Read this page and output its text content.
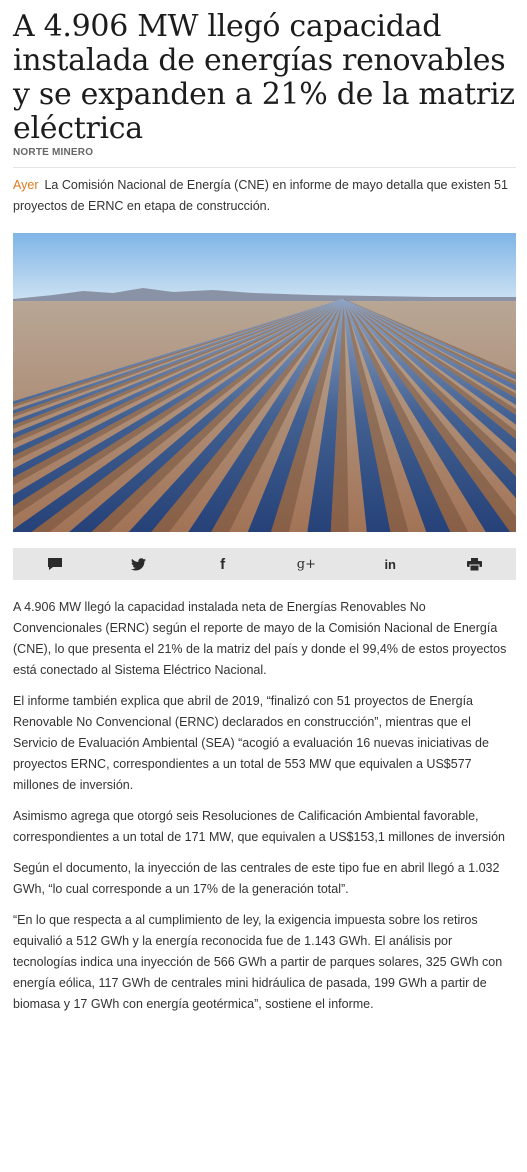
A 4.906 MW llegó capacidad instalada de energías renovables y se expanden a 21% de la matriz eléctrica
NORTE MINERO
Ayer La Comisión Nacional de Energía (CNE) en informe de mayo detalla que existen 51 proyectos de ERNC en etapa de construcción.
f	g+	in

A 4.906 MW llegó la capacidad instalada neta de Energías Renovables No Convencionales (ERNC) según el reporte de mayo de la Comisión Nacional de Energía (CNE), lo que presenta el 21% de la matriz del país y donde el 99,4% de estos proyectos está conectado al Sistema Eléctrico Nacional.

El informe también explica que abril de 2019, “finalizó con 51 proyectos de Energía Renovable No Convencional (ERNC) declarados en construcción”, mientras que el Servicio de Evaluación Ambiental (SEA) “acogió a evaluación 16 nuevas iniciativas de proyectos ERNC, correspondientes a un total de 553 MW que equivalen a US$577 millones de inversión.

Asimismo agrega que otorgó seis Resoluciones de Calificación Ambiental favorable, correspondientes a un total de 171 MW, que equivalen a US$153,1 millones de inversión

Según el documento, la inyección de las centrales de este tipo fue en abril llegó a 1.032 GWh, “lo cual corresponde a un 17% de la generación total”.

“En lo que respecta a al cumplimiento de ley, la exigencia impuesta sobre los retiros equivalió a 512 GWh y la energía reconocida fue de 1.143 GWh. El análisis por tecnologías indica una inyección de 566 GWh a partir de parques solares, 325 GWh con energía eólica, 117 GWh de centrales mini hidráulica de pasada, 199 GWh a partir de biomasa y 17 GWh con energía geotérmica”, sostiene el informe.
